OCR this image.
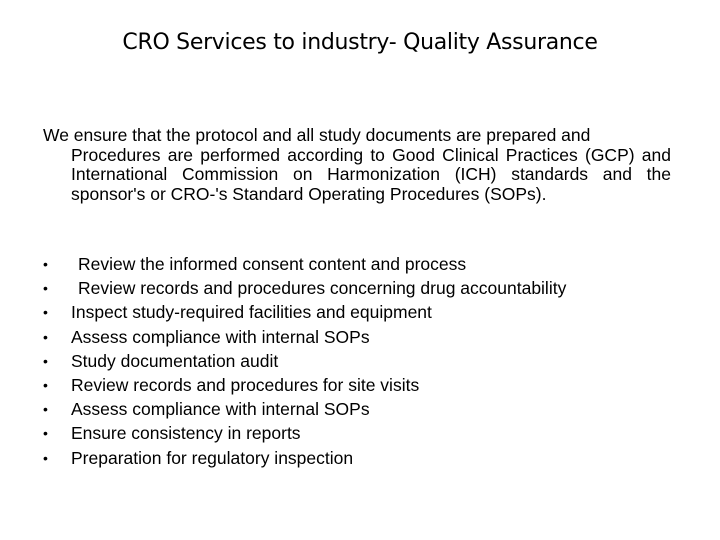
CRO Services to industry- Quality Assurance
We ensure that the protocol and all study documents are prepared and
Procedures are performed according to Good Clinical Practices (GCP) and International Commission on Harmonization (ICH) standards and the sponsor's or CRO-'s Standard Operating Procedures (SOPs).
•	Review the informed consent content and process
•	Review records and procedures concerning drug accountability
•	Inspect study-required facilities and equipment
•	Assess compliance with internal SOPs
•	Study documentation audit
•	Review records and procedures for site visits
•	Assess compliance with internal SOPs
•	Ensure consistency in reports
•	Preparation for regulatory inspection
